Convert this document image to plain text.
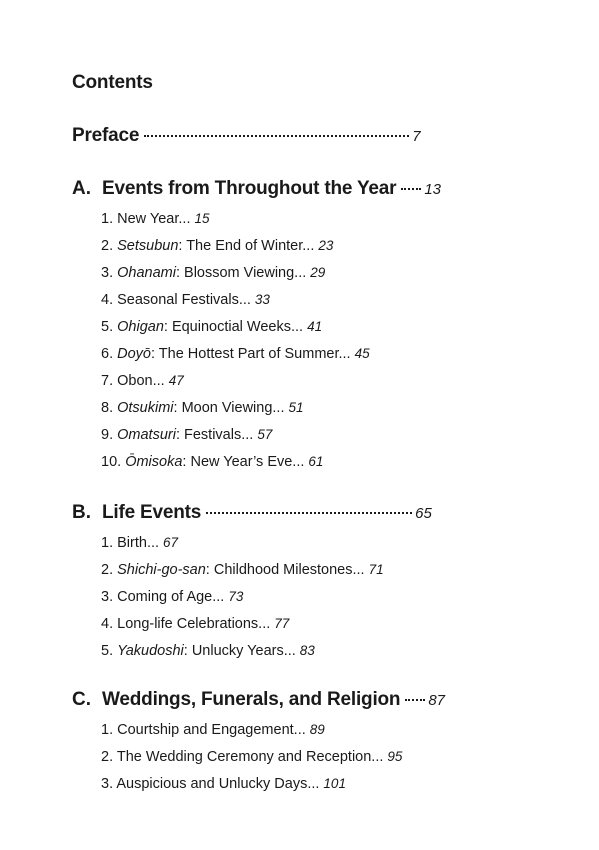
Contents
Preface	7
A. Events from Throughout the Year 13
1. New Year... 15
2. Setsubun: The End of Winter... 23
3. Ohanami: Blossom Viewing... 29
4. Seasonal Festivals... 33
5. Ohigan: Equinoctial Weeks... 41
6. Doyō: The Hottest Part of Summer... 45
7. Obon... 47
8. Otsukimi: Moon Viewing... 51
9. Omatsuri: Festivals... 57
10. Ōmisoka: New Year’s Eve... 61
B. Life Events	65
1. Birth... 67
2. Shichi-go-san: Childhood Milestones... 71
3. Coming of Age... 73
4. Long-life Celebrations... 77
5. Yakudoshi: Unlucky Years... 83
C. Weddings, Funerals, and Religion 87
1. Courtship and Engagement... 89
2. The Wedding Ceremony and Reception... 95
3. Auspicious and Unlucky Days... 101
